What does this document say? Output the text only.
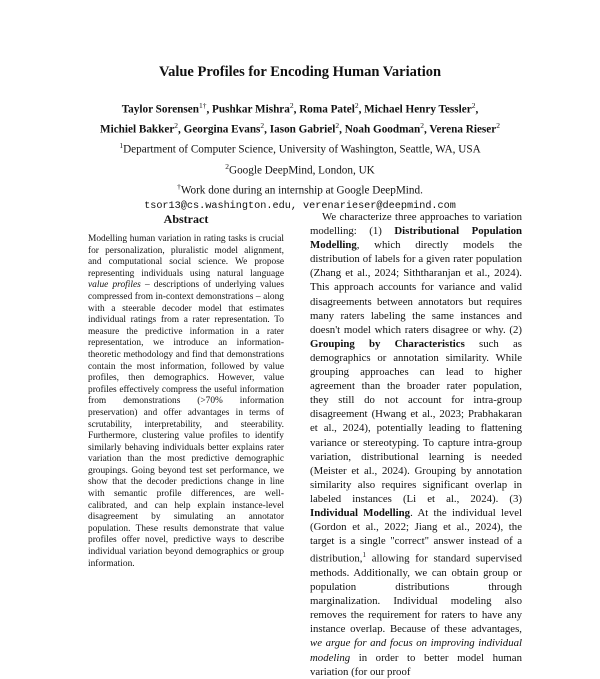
Value Profiles for Encoding Human Variation
Taylor Sorensen$^{1\dagger}$, Pushkar Mishra$^2$, Roma Patel$^2$, Michael Henry Tessler$^2$,
Michiel Bakker$^2$, Georgina Evans$^2$, Iason Gabriel$^2$, Noah Goodman$^2$, Verena Rieser$^2$
$^1$Department of Computer Science, University of Washington, Seattle, WA, USA
$^2$Google DeepMind, London, UK
†Work done during an internship at Google DeepMind.
tsor13@cs.washington.edu, verenarieser@deepmind.com
Abstract
Modelling human variation in rating tasks is crucial for personalization, pluralistic model alignment, and computational social science. We propose representing individuals using natural language value profiles – descriptions of underlying values compressed from in-context demonstrations – along with a steerable decoder model that estimates individual ratings from a rater representation. To measure the predictive information in a rater representation, we introduce an information-theoretic methodology and find that demonstrations contain the most information, followed by value profiles, then demographics. However, value profiles effectively compress the useful information from demonstrations (>70% information preservation) and offer advantages in terms of scrutability, interpretability, and steerability. Furthermore, clustering value profiles to identify similarly behaving individuals better explains rater variation than the most predictive demographic groupings. Going beyond test set performance, we show that the decoder predictions change in line with semantic profile differences, are well-calibrated, and can help explain instance-level disagreement by simulating an annotator population. These results demonstrate that value profiles offer novel, predictive ways to describe individual variation beyond demographics or group information.
We characterize three approaches to variation modelling: (1) Distributional Population Modelling, which directly models the distribution of labels for a given rater population (Zhang et al., 2024; Siththaranjan et al., 2024). This approach accounts for variance and valid disagreements between annotators but requires many raters labeling the same instances and doesn't model which raters disagree or why. (2) Grouping by Characteristics such as demographics or annotation similarity. While grouping approaches can lead to higher agreement than the broader rater population, they still do not account for intra-group disagreement (Hwang et al., 2023; Prabhakaran et al., 2024), potentially leading to flattening variance or stereotyping. To capture intra-group variation, distributional learning is needed (Meister et al., 2024). Grouping by annotation similarity also requires significant overlap in labeled instances (Li et al., 2024). (3) Individual Modelling. At the individual level (Gordon et al., 2022; Jiang et al., 2024), the target is a single "correct" answer instead of a distribution,$^1$ allowing for standard supervised methods. Additionally, we can obtain group or population distributions through marginalization. Individual modeling also removes the requirement for raters to have any instance overlap. Because of these advantages, we argue for and focus on improving individual modeling in order to better model human variation (for our proof
